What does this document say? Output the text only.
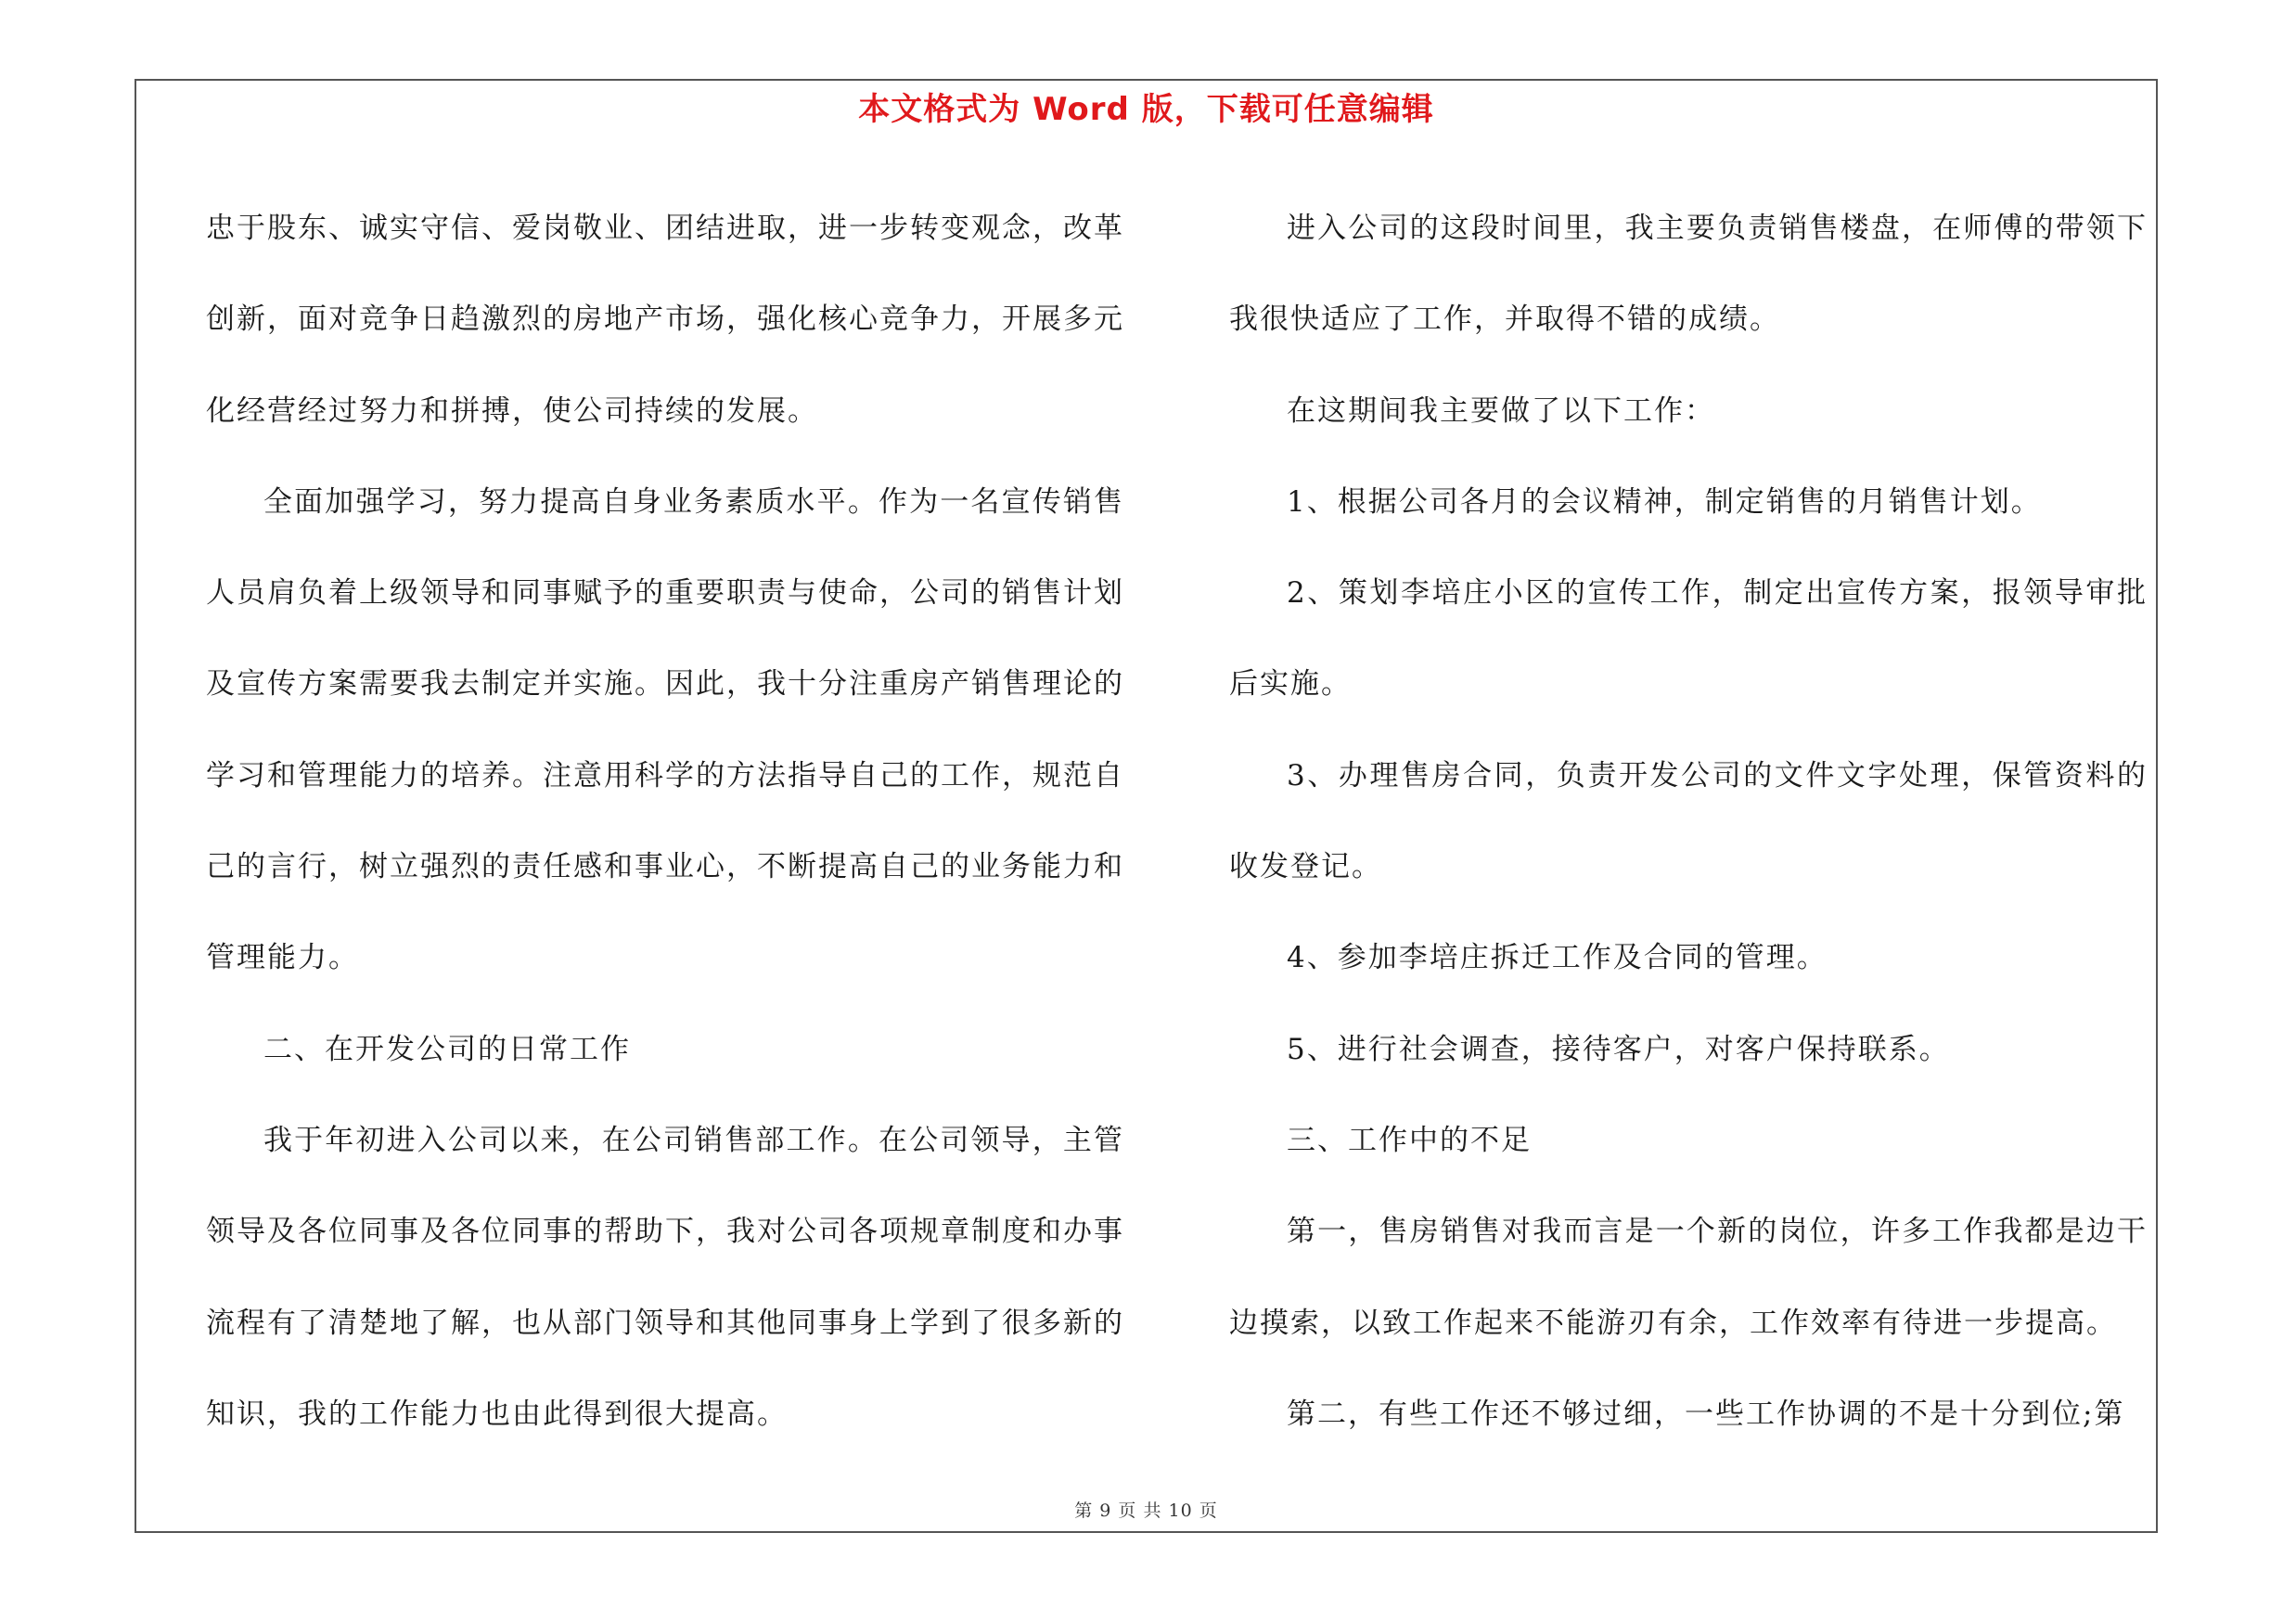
本文格式为 Word 版，下载可任意编辑

忠于股东、诚实守信、爱岗敬业、团结进取，进一步转变观念，改革创新，面对竞争日趋激烈的房地产市场，强化核心竞争力，开展多元化经营经过努力和拼搏，使公司持续的发展。

全面加强学习，努力提高自身业务素质水平。作为一名宣传销售人员肩负着上级领导和同事赋予的重要职责与使命，公司的销售计划及宣传方案需要我去制定并实施。因此，我十分注重房产销售理论的学习和管理能力的培养。注意用科学的方法指导自己的工作，规范自己的言行，树立强烈的责任感和事业心，不断提高自己的业务能力和管理能力。

二、在开发公司的日常工作

我于年初进入公司以来，在公司销售部工作。在公司领导，主管领导及各位同事及各位同事的帮助下，我对公司各项规章制度和办事流程有了清楚地了解，也从部门领导和其他同事身上学到了很多新的知识，我的工作能力也由此得到很大提高。

进入公司的这段时间里，我主要负责销售楼盘，在师傅的带领下我很快适应了工作，并取得不错的成绩。

在这期间我主要做了以下工作：

1、根据公司各月的会议精神，制定销售的月销售计划。

2、策划李培庄小区的宣传工作，制定出宣传方案，报领导审批后实施。

3、办理售房合同，负责开发公司的文件文字处理，保管资料的收发登记。

4、参加李培庄拆迁工作及合同的管理。

5、进行社会调查，接待客户，对客户保持联系。

三、工作中的不足

第一，售房销售对我而言是一个新的岗位，许多工作我都是边干边摸索，以致工作起来不能游刃有余，工作效率有待进一步提高。

第二，有些工作还不够过细，一些工作协调的不是十分到位;第

第 9 页 共 10 页
